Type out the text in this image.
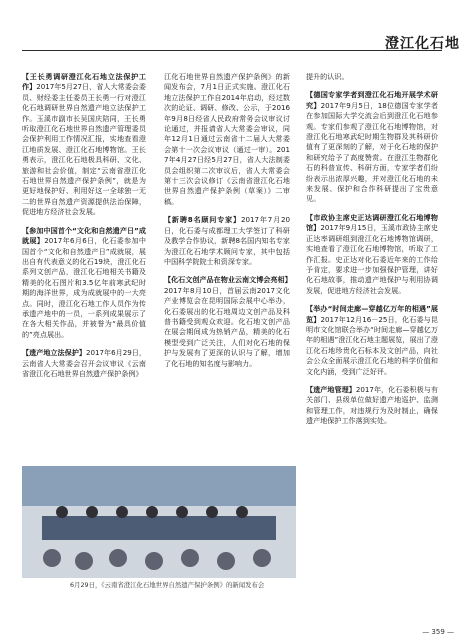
澄江化石地
【王长勇调研澄江化石地立法保护工作】2017年5月27日，省人大常委会委员、财经委主任委员王长勇一行对澄江化石地调研世界自然遗产地立法保护工作。玉溪市副市长吴国庆陪同，王长勇听取澄江化石地世界自然遗产管理委员会保护利用工作情况汇报，实地查看澄江地质发展、澄江化石地博物馆。王长勇表示，澄江化石地极具科研、文化、旅游和社会价值，制定“云南省澄江化石地世界自然遗产保护条例”，就是为更好地保护好、利用好这一全球独一无二的世界自然遗产资源提供法治保障，促进地方经济社会发展。
【参加中国首个“文化和自然遗产日”成就展】2017年6月6日，化石委参加中国首个“文化和自然遗产日”成就展，展出自有代表意义的化石19块，澄江化石系列文创产品，澄江化石地相关书籍及精美的化石图片和3.5亿年前寒武纪时期的海洋世界，成为成就展中的一大亮点。同时，澄江化石地工作人员作为传承遗产地中的一员，一系列成果展示了在各大相关作品，并被誉为“最具价值的”亮点展出。
【遗产地立法保护】2017年6月29日，云南省人大常委会召开会议审议《云南省澄江化石地世界自然遗产保护条例》
江化石地世界自然遗产保护条例》的新闻发布会，7月1日正式实施。澄江化石地立法保护工作自2014年启动，经过数次的论证、调研、修改、公示，于2016年9月8日经省人民政府常务会议审议讨论通过，并报请省人大常委会审议，同年12月1日通过云南省十二届人大常委会第十一次会议审议（通过一审）。2017年4月27日经5月27日，省人大法制委员会组织第二次审议后，省人大常委会第十三次会议修订《云南省澄江化石地世界自然遗产保护条例（草案）》二审稿。
【新聘8名顾问专家】2017年7月20日，化石委与成都理工大学签订了科研及教学合作协议，新聘8名国内知名专家为澄江化石地学术顾问专家，其中包括中国科学院院士和资深专家。
【化石文创产品在物业云南文博会亮相】2017年8月10日，首届云南2017文化产业博览会在昆明国际会展中心举办，化石委展出的化石地周边文创产品及科普书籍受到观众欢迎。化石地文创产品在展会期间成为热销产品，精美的化石模型受到广泛关注，人们对化石地的保护与发展有了更深的认识与了解，增加了化石地的知名度与影响力。
提升的认识。
【德国专家学者到澄江化石地开展学术研究】2017年9月5日，18位德国专家学者在参加国际大学交流会后到澄江化石地参观。专家们参观了澄江化石地博物馆，对澄江化石地寒武纪时期生物群及其科研价值有了更深刻的了解，对于化石地的保护和研究给予了高度赞赏。在澄江生物群化石的科普宣传、科研方面，专家学者们纷纷表示出浓厚兴趣，并对澄江化石地的未来发展、保护和合作科研提出了宝贵意见。
【市政协主席史正达调研澄江化石地博物馆】2017年9月15日，玉溪市政协主席史正达率调研组到澄江化石地博物馆调研，实地查看了澄江化石地博物馆，听取了工作汇报。史正达对化石委近年来的工作给予肯定，要求进一步加强保护管理，讲好化石地故事，推动遗产地保护与利用协调发展，促进地方经济社会发展。
【举办“时间走廊—穿越亿万年的相遇”展览】2017年12月16－25日，化石委与昆明市文化馆联合举办“时间走廊—穿越亿万年的相遇”澄江化石地主题展览，展出了澄江化石地珍贵化石标本及文创产品，向社会公众全面展示澄江化石地的科学价值和文化内涵，受到广泛好评。
【遗产地管理】2017年，化石委积极与有关部门、县级单位做好遗产地巡护、监测和管理工作，对违规行为及时制止，确保遗产地保护工作落到实处。
6月29日，《云南省澄江化石地世界自然遗产保护条例》的新闻发布会
— 359 —
